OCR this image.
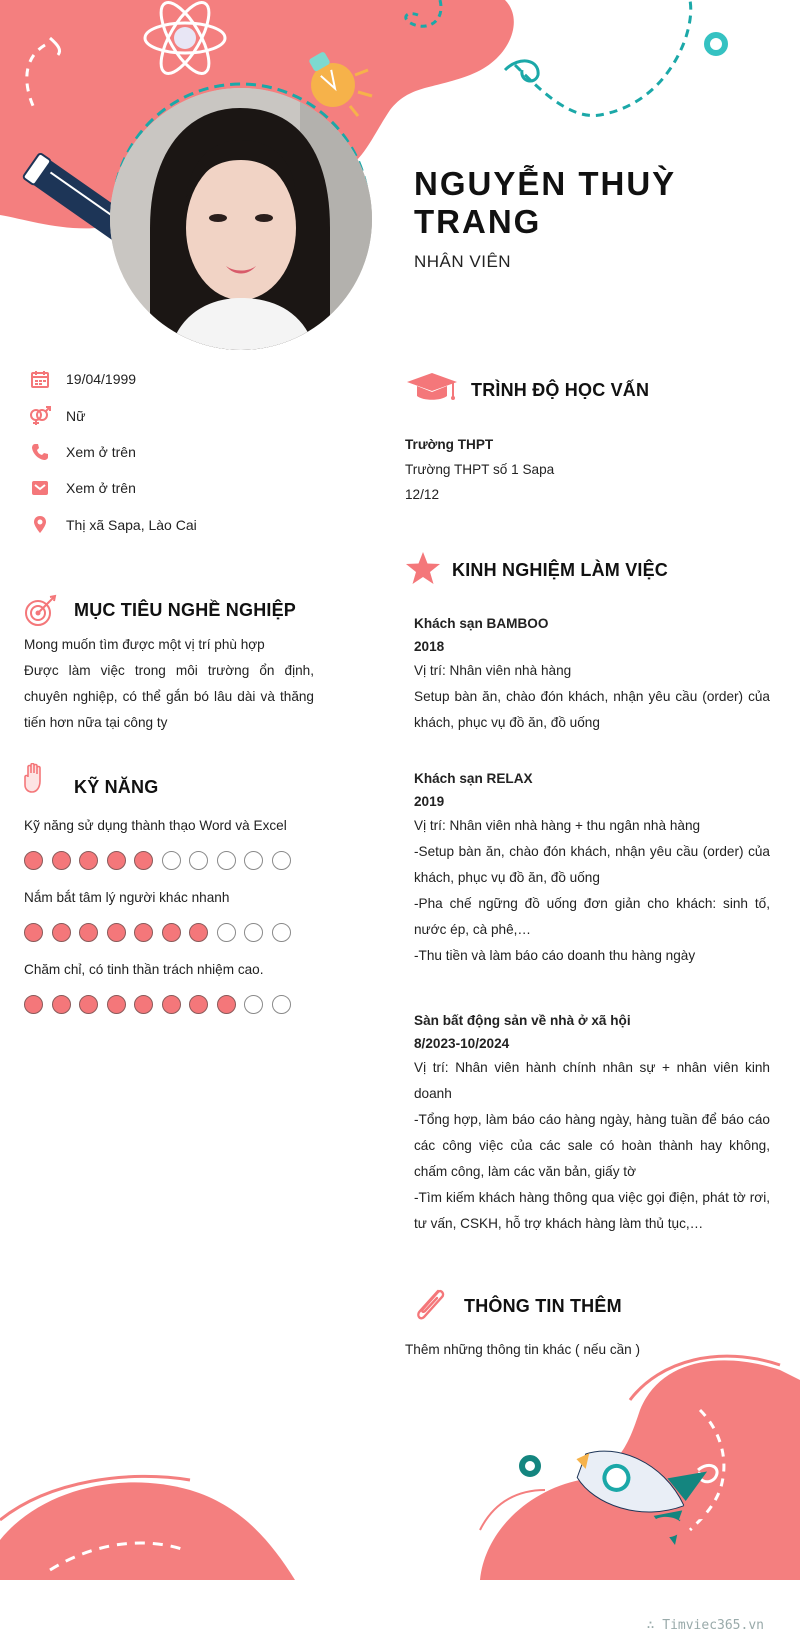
NGUYỄN THUỲ TRANG
NHÂN VIÊN
19/04/1999
Nữ
Xem ở trên
Xem ở trên
Thị xã Sapa, Lào Cai
MỤC TIÊU NGHỀ NGHIỆP
Mong muốn tìm được một vị trí phù hợp
Được làm việc trong môi trường ổn định, chuyên nghiệp, có thể gắn bó lâu dài và thăng tiến hơn nữa tại công ty
KỸ NĂNG
Kỹ năng sử dụng thành thạo Word và Excel
Nắm bắt tâm lý người khác nhanh
Chăm chỉ, có tinh thần trách nhiệm cao.
TRÌNH ĐỘ HỌC VẤN
Trường THPT
Trường THPT số 1 Sapa
12/12
KINH NGHIỆM LÀM VIỆC
Khách sạn BAMBOO
2018
Vị trí: Nhân viên nhà hàng
Setup bàn ăn, chào đón khách, nhận yêu cầu (order) của khách, phục vụ đồ ăn, đồ uống
Khách sạn RELAX
2019
Vị trí: Nhân viên nhà hàng + thu ngân nhà hàng
-Setup bàn ăn, chào đón khách, nhận yêu cầu (order) của khách, phục vụ đồ ăn, đồ uống
-Pha chế ngững đồ uống đơn giản cho khách: sinh tố, nước ép, cà phê,…
-Thu tiền và làm báo cáo doanh thu hàng ngày
Sàn bất động sản về nhà ở xã hội
8/2023-10/2024
Vị trí: Nhân viên hành chính nhân sự + nhân viên kinh doanh
-Tổng hợp, làm báo cáo hàng ngày, hàng tuần để báo cáo các công việc của các sale có hoàn thành hay không, chấm công, làm các văn bản, giấy tờ
-Tìm kiếm khách hàng thông qua việc gọi điện, phát tờ rơi, tư vấn, CSKH, hỗ trợ khách hàng làm thủ tục,…
THÔNG TIN THÊM
Thêm những thông tin khác ( nếu cần )
∴ Timviec365.vn
